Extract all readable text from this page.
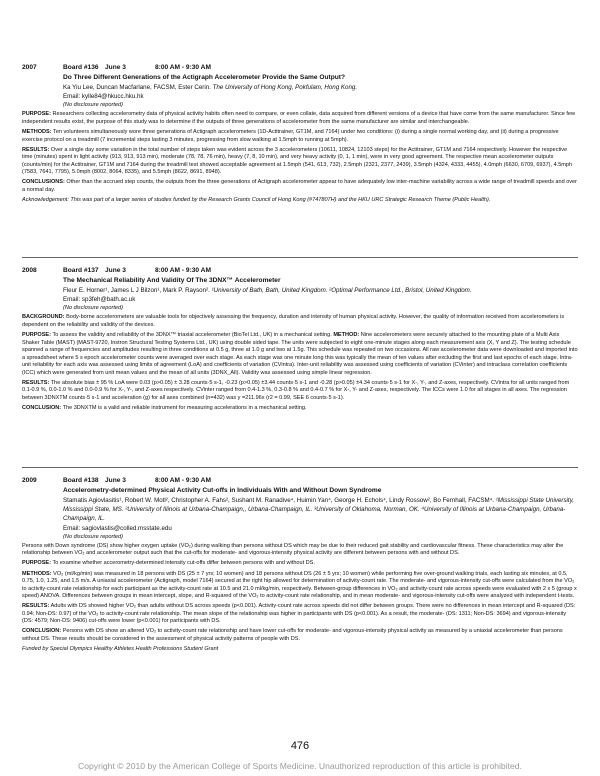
2007	Board #136 June 3	8:00 AM - 9:30 AM
Do Three Different Generations of the Actigraph Accelerometer Provide the Same Output?
Ka Yiu Lee, Duncan Macfarlane, FACSM, Ester Cerin. The University of Hong Kong, Pokfulam, Hong Kong.
Email: kylle84@hkucc.hku.hk
(No disclosure reported)
PURPOSE: Researchers collecting accelerometry data of physical activity habits often need to compare, or even collate, data acquired from different versions of a device that have come from the same manufacturer. Since few independent results exist, the purpose of this study was to determine if the outputs of three generations of accelerometer from the same manufacturer are similar and interchangeable.
METHODS: Ten volunteers simultaneously wore three generations of Actigraph accelerometers (1D-Actitrainer, GT1M, and 7164) under two conditions: (i) during a single normal working day, and (ii) during a progressive exercise protocol on a treadmill (7 incremental steps lasting 3 minutes, progressing from slow walking at 1.5mph to running at 5mph).
RESULTS: Over a single day some variation in the total number of steps taken was evident across the 3 accelerometers (10611, 10824, 12103 steps) for the Actitrainer, GT1M and 7164 respectively. However the respective time (minutes) spent in light activity (913, 913, 913 min), moderate (78, 78, 76 min), heavy (7, 8, 10 min), and very heavy activity (0, 1, 1 min), were in very good agreement. The respective mean accelerometer outputs (counts/min) for the Actitrainer, GT1M and 7164 during the treadmill test showed acceptable agreement at 1.5mph (541, 613, 732), 2.5mph (2321, 2377, 2439), 3.5mph (4324, 4333, 4455), 4.0mph (6630, 6709, 6937), 4.5mph (7583, 7641, 7795), 5.0mph (8002, 8064, 8335), and 5.5mph (8622, 8691, 8948).
CONCLUSIONS: Other than the accrued step counts, the outputs from the three generations of Actigraph accelerometer appear to have adequately low inter-machine variability across a wide range of treadmill speeds and over a normal day.
Acknowledgement: This was part of a larger series of studies funded by the Research Grants Council of Hong Kong (#747807H) and the HKU URC Strategic Research Theme (Public Health).
2008	Board #137 June 3	8:00 AM - 9:30 AM
The Mechanical Reliability And Validity Of The 3DNX™ Accelerometer
Fleur E. Horner¹, James L J Bilzon¹, Mark P. Rayson². ¹University of Bath, Bath, United Kingdom. ²Optimal Performance Ltd., Bristol, United Kingdom.
Email: sp3feh@bath.ac.uk
(No disclosure reported)
BACKGROUND: Body-borne accelerometers are valuable tools for objectively assessing the frequency, duration and intensity of human physical activity. However, the quality of information received from accelerometers is dependent on the reliability and validity of the devices.
PURPOSE: To assess the validity and reliability of the 3DNX™ triaxial accelerometer (BioTel Ltd., UK) in a mechanical setting. METHOD: Nine accelerometers were securely attached to the mounting plate of a Multi Axis Shaker Table (MAST) (MAST-9720, Instron Structural Testing Systems Ltd., UK) using double sided tape. The units were subjected to eight one-minute stages along each measurement axis (X, Y and Z). The testing schedule spanned a range of frequencies and amplitudes resulting in three conditions at 0.5 g, three at 1.0 g and two at 1.5g. This schedule was repeated on two occasions. All raw accelerometer data were downloaded and imported into a spreadsheet where 5 s epoch accelerometer counts were averaged over each stage. As each stage was one minute long this was typically the mean of ten values after excluding the first and last epochs of each stage. Intra-unit reliability for each axis was assessed using limits of agreement (LoA) and coefficients of variation (CVintra). Inter-unit reliability was assessed using coefficients of variation (CVinter) and intraclass correlation coefficients (ICC) which were generated from unit mean values and the mean of all units (3DNX_All). Validity was assessed using simple linear regression.
RESULTS: The absolute bias ± 95 % LoA were 0.03 (p>0.05) ± 3.28 counts·5 s-1, -0.23 (p>0.05) ±3.44 counts·5 s-1 and -0.28 (p>0.05) ±4.34 counts·5 s-1 for X-, Y-, and Z-axes, respectively. CVintra for all units ranged from 0.1-0.9 %, 0.0-1.0 % and 0.0-0.9 % for X-, Y-, and Z-axes respectively. CVinter ranged from 0.4-1.3 %, 0.3-0.8 % and 0.4-0.7 % for X-, Y- and Z-axes, respectively. The ICCs were 1.0 for all stages in all axes. The regression between 3DNXTM counts·5 s-1 and acceleration (g) for all axes combined (n=432) was y =211.96x (r2 = 0.99, SEE 6 counts·5 s-1).
CONCLUSION: The 3DNXTM is a valid and reliable instrument for measuring accelerations in a mechanical setting.
2009	Board #138 June 3	8:00 AM - 9:30 AM
Accelerometry-determined Physical Activity Cut-offs in Individuals With and Without Down Syndrome
Stamatis Agiovlasitis¹, Robert W. Motl², Christopher A. Fahs², Sushant M. Ranadive⁴, Huimin Yan⁴, George H. Echols⁴, Lindy Rossow², Bo Fernhall, FACSM⁴. ¹Mississippi State University, Mississippi State, MS. ²University of Illinois at Urbana-Champaign,, Urbana-Champaign, IL. ³University of Oklahoma, Norman, OK. ⁴University of Illinois at Urbana-Champaign, Urbana-Champaign, IL.
Email: sagiovlastis@colled.msstate.edu
(No disclosure reported)
Persons with Down syndrome (DS) show higher oxygen uptake (VO₂) during walking than persons without DS which may be due to their reduced gait stability and cardiovascular fitness. These characteristics may alter the relationship between VO₂ and accelerometer output such that the cut-offs for moderate- and vigorous-intensity physical activity are different between persons with and without DS.
PURPOSE: To examine whether accerometry-determined intensity cut-offs differ between persons with and without DS.
METHODS: VO₂ (ml/kg/min) was measured in 18 persons with DS (25 ± 7 yrs; 10 women) and 18 persons without DS (26 ± 5 yrs; 10 women) while performing five over-ground walking trials, each lasting six minutes, at 0.5, 0.75, 1.0, 1.25, and 1.5 m/s. A uniaxial accelerometer (Actigraph, model 7164) secured at the right hip allowed for determination of activity-count rate. The moderate- and vigorous-intensity cut-offs were calculated from the VO₂ to activity-count rate relationship for each participant as the activity-count rate at 10.5 and 21.0 ml/kg/min, respectively. Between-group differences in VO₂ and activity-count rate across speeds were evaluated with 2 x 5 (group x speed) ANOVA. Differences between groups in mean intercept, slope, and R-squared of the VO₂ to activity-count rate relationship, and in mean moderate- and vigorous-intensity cut-offs were analyzed with independent t-tests.
RESULTS: Adults with DS showed higher VO₂ than adults without DS across speeds (p<0.001). Activity-count rate across speeds did not differ between groups. There were no differences in mean intercept and R-squared (DS: 0.94; Non-DS: 0.97) of the VO₂ to activity-count rate relationship. The mean slope of the relationship was higher in participants with DS (p<0.001). As a result, the moderate- (DS: 1311; Non-DS: 3694) and vigorous-intensity (DS: 4579; Non-DS: 9406) cut-offs were lower (p<0.001) for participants with DS.
CONCLUSION: Persons with DS show an altered VO₂ to activity-count rate relationship and have lower cut-offs for moderate- and vigorous-intensity physical activity as measured by a uniaxial accelerometer than persons without DS. These results should be considered in the assessment of physical activity patterns of people with DS.
Funded by Special Olympics Healthy Athletes Health Professions Student Grant
476
Copyright © 2010 by the American College of Sports Medicine. Unauthorized reproduction of this article is prohibited.
